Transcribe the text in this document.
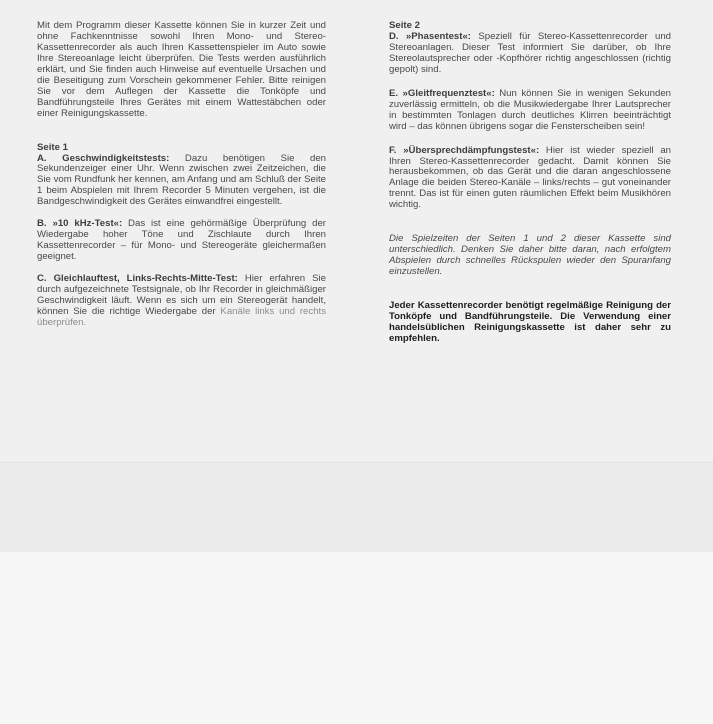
Mit dem Programm dieser Kassette können Sie in kurzer Zeit und ohne Fachkenntnisse sowohl Ihren Mono- und Stereo-Kassettenrecorder als auch Ihren Kassettenspieler im Auto sowie Ihre Stereoanlage leicht überprüfen. Die Tests werden ausführlich erklärt, und Sie finden auch Hinweise auf eventuelle Ursachen und die Beseitigung zum Vorschein gekommener Fehler. Bitte reinigen Sie vor dem Auflegen der Kassette die Tonköpfe und Bandführungsteile Ihres Gerätes mit einem Wattestäbchen oder einer Reinigungskassette.

Seite 1

A. Geschwindigkeitstests: Dazu benötigen Sie den Sekundenzeiger einer Uhr. Wenn zwischen zwei Zeitzeichen, die Sie vom Rundfunk her kennen, am Anfang und am Schluß der Seite 1 beim Abspielen mit Ihrem Recorder 5 Minuten vergehen, ist die Bandgeschwindigkeit des Gerätes einwandfrei eingestellt.

B. »10 kHz-Test«: Das ist eine gehörmäßige Überprüfung der Wiedergabe hoher Töne und Zischlaute durch Ihren Kassettenrecorder – für Mono- und Stereogeräte gleichermaßen geeignet.

C. Gleichlauftest, Links-Rechts-Mitte-Test: Hier erfahren Sie durch aufgezeichnete Testsignale, ob Ihr Recorder in gleichmäßiger Geschwindigkeit läuft. Wenn es sich um ein Stereogerät handelt, können Sie die richtige Wiedergabe der Kanäle links und rechts überprüfen.

Seite 2

D. »Phasentest«: Speziell für Stereo-Kassettenrecorder und Stereoanlagen. Dieser Test informiert Sie darüber, ob Ihre Stereolautsprecher oder -Kopfhörer richtig angeschlossen (richtig gepolt) sind.

E. »Gleitfrequenztest«: Nun können Sie in wenigen Sekunden zuverlässig ermitteln, ob die Musikwiedergabe Ihrer Lautsprecher in bestimmten Tonlagen durch deutliches Klirren beeinträchtigt wird – das können übrigens sogar die Fensterscheiben sein!

F. »Übersprechdämpfungstest«: Hier ist wieder speziell an Ihren Stereo-Kassettenrecorder gedacht. Damit können Sie herausbekommen, ob das Gerät und die daran angeschlossene Anlage die beiden Stereo-Kanäle – links/rechts – gut voneinander trennt. Das ist für einen guten räumlichen Effekt beim Musikhören wichtig.

Die Spielzeiten der Seiten 1 und 2 dieser Kassette sind unterschiedlich. Denken Sie daher bitte daran, nach erfolgtem Abspielen durch schnelles Rückspulen wieder den Spuranfang einzustellen.

Jeder Kassettenrecorder benötigt regelmäßige Reinigung der Tonköpfe und Bandführungsteile. Die Verwendung einer handelsüblichen Reinigungskassette ist daher sehr zu empfehlen.
